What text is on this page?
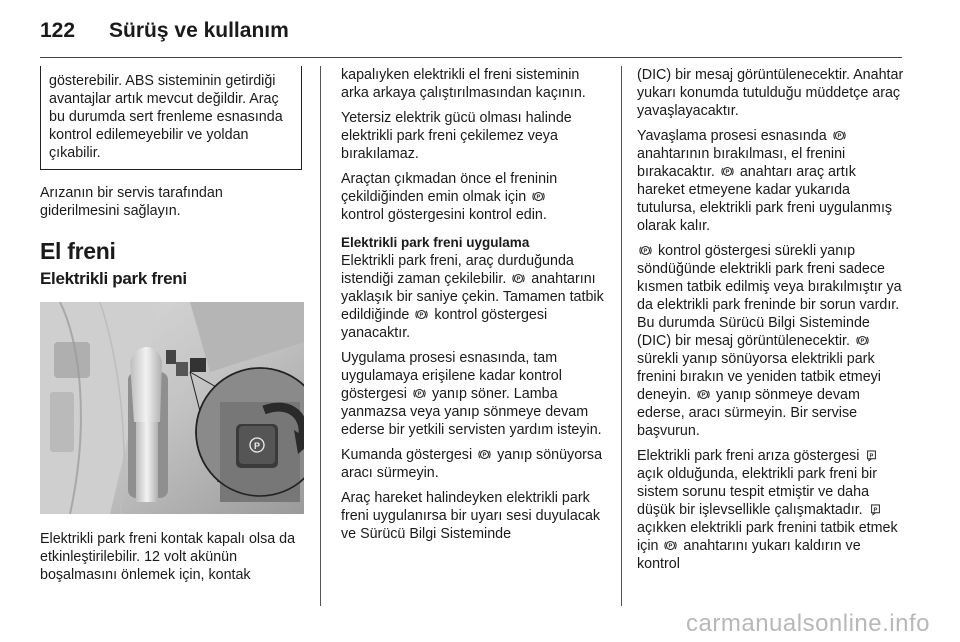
122 Sürüş ve kullanım
gösterebilir. ABS sisteminin getirdiği avantajlar artık mevcut değildir. Araç bu durumda sert frenleme esnasında kontrol edilemeyebilir ve yoldan çıkabilir.

Arızanın bir servis tarafından giderilmesini sağlayın.

El freni
Elektrikli park freni
P

Elektrikli park freni kontak kapalı olsa da etkinleştirilebilir. 12 volt akünün boşalmasını önlemek için, kontak

kapalıyken elektrikli el freni sisteminin arka arkaya çalıştırılmasından kaçının.

Yetersiz elektrik gücü olması halinde elektrikli park freni çekilemez veya bırakılamaz.

Araçtan çıkmadan önce el freninin çekildiğinden emin olmak için
kontrol göstergesini kontrol edin.

Elektrikli park freni uygulama

Elektrikli park freni, araç durduğunda istendiği zaman çekilebilir. anahtarını yaklaşık bir saniye çekin. Tamamen tatbik edildiğinde kontrol göstergesi yanacaktır.

Uygulama prosesi esnasında, tam uygulamaya erişilene kadar kontrol göstergesi yanıp söner. Lamba yanmazsa veya yanıp sönmeye devam ederse bir yetkili servisten yardım isteyin.

Kumanda göstergesi yanıp sönüyorsa aracı sürmeyin.

Araç hareket halindeyken elektrikli park freni uygulanırsa bir uyarı sesi duyulacak ve Sürücü Bilgi Sisteminde

(DIC) bir mesaj görüntülenecektir. Anahtar yukarı konumda tutulduğu müddetçe araç yavaşlayacaktır.

Yavaşlama prosesi esnasında  anahtarının bırakılması, el frenini bırakacaktır. anahtarı araç artık hareket etmeyene kadar yukarıda tutulursa, elektrikli park freni uygulanmış olarak kalır.

kontrol göstergesi sürekli yanıp söndüğünde elektrikli park freni sadece kısmen tatbik edilmiş veya bırakılmıştır ya da elektrikli park freninde bir sorun vardır. Bu durumda Sürücü Bilgi Sisteminde (DIC) bir mesaj görüntülenecektir.  sürekli yanıp sönüyorsa elektrikli park frenini bırakın ve yeniden tatbik etmeyi deneyin. yanıp sönmeye devam ederse, aracı sürmeyin. Bir servise başvurun.

Elektrikli park freni arıza göstergesi  açık olduğunda, elektrikli park freni bir sistem sorunu tespit etmiştir ve daha düşük bir işlevsellikle çalışmaktadır.  açıkken elektrikli park frenini tatbik etmek için anahtarını yukarı kaldırın ve kontrol

carmanualsonline.info
